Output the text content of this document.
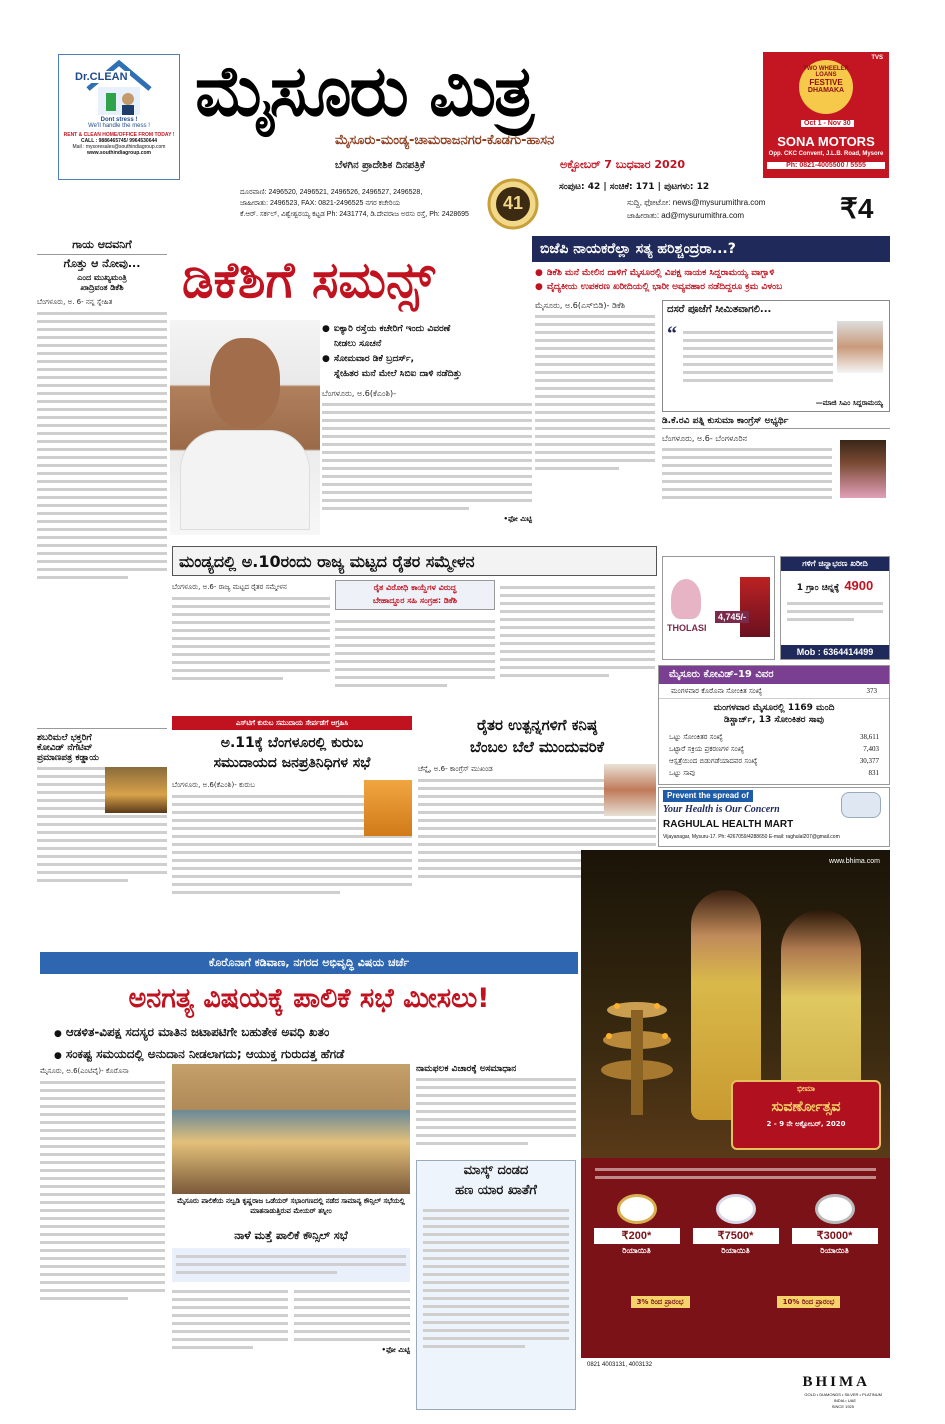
Dr.CLEAN
Dont stress !
We'll handle the mess !
RENT & CLEAN HOME/OFFICE FROM TODAY !
CALL : 9886465745/ 9964530644
Mail : mysoresales@southindiagroup.com
www.southindiagroup.com
ಮೈಸೂರು ಮಿತ್ರ
ಮೈಸೂರು-ಮಂಡ್ಯ-ಚಾಮರಾಜನಗರ-ಕೊಡಗು-ಹಾಸನ
ಬೆಳಗಿನ ಪ್ರಾದೇಶಿಕ ದಿನಪತ್ರಿಕೆ	ಅಕ್ಟೋಬರ್ 7 ಬುಧವಾರ 2020
TVS
TWO WHEELER LOANS
FESTIVE
DHAMAKA
Oct 1 - Nov 30
SONA MOTORS
Opp. CKC Convent, J.L.B. Road, Mysore
Ph: 0821-4005500 / 5555
ದೂರವಾಣಿ: 2496520, 2496521, 2496526, 2496527, 2496528,
ಜಾಹೀರಾತು: 2496523, FAX: 0821-2496525 ನಗರ ಕಚೇರಿಯ
ಕೆ.ಆರ್. ಸರ್ಕಲ್, ವಿಶ್ವೇಶ್ವರಯ್ಯ ಕಟ್ಟಡ Ph: 2431774, ಡಿ.ದೇವರಾಜ ಅರಸು ರಸ್ತೆ, Ph: 2428695
41
ಸಂಪುಟ: 42 | ಸಂಚಿಕೆ: 171 | ಪುಟಗಳು: 12
ಸುದ್ದಿ, ಫೋಟೋ: news@mysurumithra.com
ಜಾಹೀರಾತು: ad@mysurumithra.com	₹4
ಗಾಯ ಆದವನಿಗೆ
ಗೊತ್ತು ಆ ನೋವು...
ಎಂದ ಮುಖ್ಯಮಂತ್ರಿ
ಖಾದ್ರಿವಂತ ಡಿಕೆಶಿ
ಬೆಂಗಳೂರು, ಅ. 6- ನನ್ನ ಸ್ನೇಹಿತ
ಶಬರಿಮಲೆ ಭಕ್ತರಿಗೆ
ಕೋವಿಡ್ ನೆಗೆಟಿವ್
ಪ್ರಮಾಣಪತ್ರ ಕಡ್ಡಾಯ
ಡಿಕೆಶಿಗೆ ಸಮನ್ಸ್
● ಐಕ್ಯಾರಿ ರಸ್ತೆಯ ಕಚೇರಿಗೆ ಇಂದು ವಿವರಣೆ
ನೀಡಲು ಸೂಚನೆ
● ಸೋಮವಾರ ಡಿಕೆ ಬ್ರದರ್ಸ್,
ಸ್ನೇಹಿತರ ಮನೆ ಮೇಲೆ ಸಿಬಿಐ ದಾಳಿ ನಡೆದಿತ್ತು
ಬೆಂಗಳೂರು, ಅ.6(ಕೆಎಂಶಿ)-
•ಫೋ ಮಿಟ್ಟಿ
ಬಿಜೆಪಿ ನಾಯಕರೆಲ್ಲಾ ಸತ್ಯ ಹರಿಶ್ಚಂದ್ರರಾ...?
● ಡಿಕೆಶಿ ಮನೆ ಮೇಲಿನ ದಾಳಿಗೆ ಮೈಸೂರಲ್ಲಿ ವಿಪಕ್ಷ ನಾಯಕ ಸಿದ್ದರಾಮಯ್ಯ ವಾಗ್ಬಾಳಿ
● ವೈದ್ಯಕೀಯ ಉಪಕರಣ ಖರೀದಿಯಲ್ಲಿ ಭಾರೀ ಅವ್ಯವಹಾರ ನಡೆದಿದ್ದರೂ ಕ್ರಮ ವಿಳಂಬ
ಮೈಸೂರು, ಅ.6(ಎಸ್‌ಬಿಡಿ)- ಡಿಕೆಶಿ	ದಸರೆ ಪೂಜೆಗೆ ಸೀಮಿತವಾಗಲಿ...
“
—ಮಾಜಿ ಸಿಎಂ ಸಿದ್ದರಾಮಯ್ಯ
ಡಿ.ಕೆ.ರವಿ ಪತ್ನಿ ಕುಸುಮಾ ಕಾಂಗ್ರೆಸ್ ಅಭ್ಯರ್ಥಿ
ಬೆಂಗಳೂರು, ಅ.6- ಬೆಂಗಳೂರಿನ
ಮಂಡ್ಯದಲ್ಲಿ ಅ.10ರಂದು ರಾಜ್ಯ ಮಟ್ಟದ ರೈತರ ಸಮ್ಮೇಳನ
ಬೆಂಗಳೂರು, ಅ.6- ರಾಜ್ಯ ಮಟ್ಟದ ರೈತರ ಸಮ್ಮೇಳನ	ರೈತ ವಿರೋಧಿ ಕಾಯ್ದೆಗಳ ವಿರುದ್ಧ
ಬೇಹಾದ್ದೂರ ಸಹಿ ಸಂಗ್ರಹ: ಡಿಕೆಶಿ
THOLASI
4,745/-
ಗಳಿಗೆ ಚಿನ್ನಾಭರಣ ಖರೀದಿ
1 ಗ್ರಾಂ ಚಿನ್ನಕ್ಕೆ 4900
Mob : 6364414499
ಎಸ್‌ಟಿಗೆ ಕುರುಬ ಸಮುದಾಯ ಸೇರ್ಪಡೆಗೆ ಆಗ್ರಹಿಸಿ
ಅ.11ಕ್ಕೆ ಬೆಂಗಳೂರಲ್ಲಿ ಕುರುಬ
ಸಮುದಾಯದ ಜನಪ್ರತಿನಿಧಿಗಳ ಸಭೆ
ಬೆಂಗಳೂರು, ಅ.6(ಕೆಎಂಶಿ)- ಕುರುಬ
ರೈತರ ಉತ್ಪನ್ನಗಳಿಗೆ ಕನಿಷ್ಠ
ಬೆಂಬಲ ಬೆಲೆ ಮುಂದುವರಿಕೆ
ಚೆನ್ನೈ, ಅ.6- ಕಾಂಗ್ರೆಸ್ ಮುಖಂಡ
ಮೈಸೂರು ಕೋವಿಡ್-19 ವಿವರ
ಮಂಗಳವಾರ ಕೊರೊನಾ ಸೋಂಕಿತ ಸಂಖ್ಯೆ	373
ಮಂಗಳವಾರ ಮೈಸೂರಲ್ಲಿ 1169 ಮಂದಿ
ಡಿಸ್ಚಾರ್ಜ್, 13 ಸೋಂಕಿತರ ಸಾವು
ಒಟ್ಟು ಸೋಂಕಿತರ ಸಂಖ್ಯೆ	38,611
ಒಟ್ಟಾರೆ ಸಕ್ರಿಯ ಪ್ರಕರಣಗಳ ಸಂಖ್ಯೆ	7,403
ಆಸ್ಪತ್ರೆಯಿಂದ ಬಿಡುಗಡೆಯಾದವರ ಸಂಖ್ಯೆ	30,377
ಒಟ್ಟು ಸಾವು	831
Prevent the spread of
Your Health is Our Concern
RAGHULAL HEALTH MART
Vijayanagar, Mysuru-17. Ph: 4267059/4288650 E-mail: raghulal207@gmail.com
www.bhima.com
ಭೀಮಾ
ಸುವರ್ಣೋತ್ಸವ
2 - 9 ನೇ ಅಕ್ಟೋಬರ್, 2020
₹200*
ರಿಯಾಯಿತಿ
₹7500*
ರಿಯಾಯಿತಿ
₹3000*
ರಿಯಾಯಿತಿ
3% ರಿಂದ ಪ್ರಾರಂಭ	10% ರಿಂದ ಪ್ರಾರಂಭ
0821 4003131, 4003132
BHIMA
GOLD • DIAMONDS • SILVER • PLATINUM
INDIA • UAE
SINCE 1925
ಕೊರೊನಾಗೆ ಕಡಿವಾಣ, ನಗರದ ಅಭಿವೃದ್ಧಿ ವಿಷಯ ಚರ್ಚೆ
ಅನಗತ್ಯ ವಿಷಯಕ್ಕೆ ಪಾಲಿಕೆ ಸಭೆ ಮೀಸಲು!
● ಆಡಳಿತ-ವಿಪಕ್ಷ ಸದಸ್ಯರ ಮಾತಿನ ಜಟಾಪಟಿಗೇ ಬಹುತೇಕ ಅವಧಿ ಖತಂ
● ಸಂಕಷ್ಟ ಸಮಯದಲ್ಲಿ ಅನುದಾನ ನೀಡಲಾಗದು; ಆಯುಕ್ತ ಗುರುದತ್ತ ಹೆಗಡೆ
ಮೈಸೂರು, ಅ.6(ಎಂಟಿವೈ)- ಕೊರೊನಾ
ಮೈಸೂರು ಪಾಲಿಕೆಯ ನಲ್ವಡಿ ಕೃಷ್ಣರಾಜ ಒಡೆಯರ್ ಸಭಾಂಗಣದಲ್ಲಿ ನಡೆದ ಸಾಮಾನ್ಯ ಕೌನ್ಸಿಲ್ ಸಭೆಯಲ್ಲಿ ಮಾತನಾಡುತ್ತಿರುವ ಮೇಯರ್ ತಸ್ನೀಂ
ನಾಳೆ ಮತ್ತೆ ಪಾಲಿಕೆ ಕೌನ್ಸಿಲ್ ಸಭೆ
•ಫೋ ಮಿಟ್ಟಿ
ನಾಮಫಲಕ ವಿಚಾರಕ್ಕೆ ಅಸಮಾಧಾನ
ಮಾಸ್ಕ್ ದಂಡದ
ಹಣ ಯಾರ ಖಾತೆಗೆ
